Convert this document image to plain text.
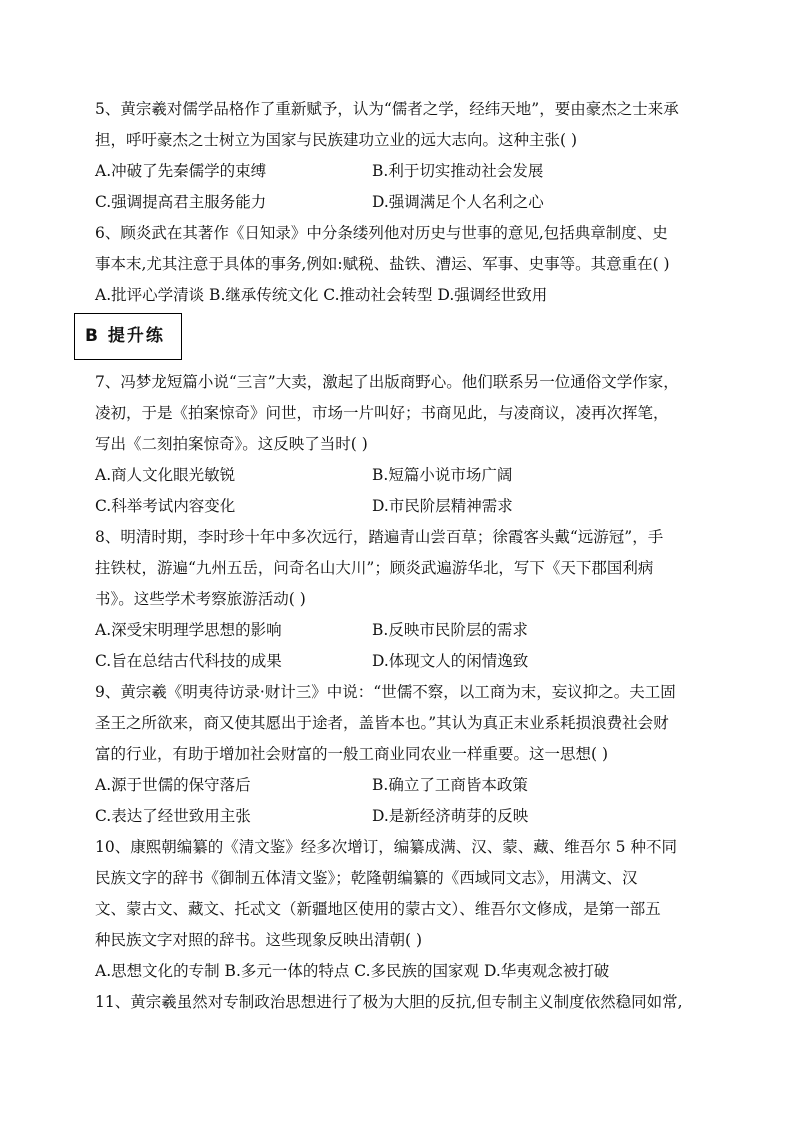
5、黄宗羲对儒学品格作了重新赋予，认为“儒者之学，经纬天地”，要由豪杰之士来承
担，呼吁豪杰之士树立为国家与民族建功立业的远大志向。这种主张( )
A.冲破了先秦儒学的束缚	B.利于切实推动社会发展
C.强调提高君主服务能力	D.强调满足个人名利之心
6、顾炎武在其著作《日知录》中分条缕列他对历史与世事的意见,包括典章制度、史
事本末,尤其注意于具体的事务,例如:赋税、盐铁、漕运、军事、史事等。其意重在( )
A.批评心学清谈 B.继承传统文化 C.推动社会转型 D.强调经世致用
B 提升练
7、冯梦龙短篇小说“三言”大卖，激起了出版商野心。他们联系另一位通俗文学作家，
凌初，于是《拍案惊奇》问世，市场一片叫好；书商见此，与凌商议，凌再次挥笔，
写出《二刻拍案惊奇》。这反映了当时( )
A.商人文化眼光敏锐	B.短篇小说市场广阔
C.科举考试内容变化	D.市民阶层精神需求
8、明清时期，李时珍十年中多次远行，踏遍青山尝百草；徐霞客头戴“远游冠”，手
拄铁杖，游遍“九州五岳，问奇名山大川”；顾炎武遍游华北，写下《天下郡国利病
书》。这些学术考察旅游活动( )
A.深受宋明理学思想的影响	B.反映市民阶层的需求
C.旨在总结古代科技的成果	D.体现文人的闲情逸致
9、黄宗羲《明夷待访录·财计三》中说：“世儒不察，以工商为末，妄议抑之。夫工固
圣王之所欲来，商又使其愿出于途者，盖皆本也。”其认为真正末业系耗损浪费社会财
富的行业，有助于增加社会财富的一般工商业同农业一样重要。这一思想( )
A.源于世儒的保守落后	B.确立了工商皆本政策
C.表达了经世致用主张	D.是新经济萌芽的反映
10、康熙朝编纂的《清文鉴》经多次增订，编纂成满、汉、蒙、藏、维吾尔 5 种不同
民族文字的辞书《御制五体清文鉴》；乾隆朝编纂的《西域同文志》，用满文、汉
文、蒙古文、藏文、托忒文（新疆地区使用的蒙古文）、维吾尔文修成，是第一部五
种民族文字对照的辞书。这些现象反映出清朝( )
A.思想文化的专制 B.多元一体的特点 C.多民族的国家观 D.华夷观念被打破
11、黄宗羲虽然对专制政治思想进行了极为大胆的反抗,但专制主义制度依然稳同如常,
